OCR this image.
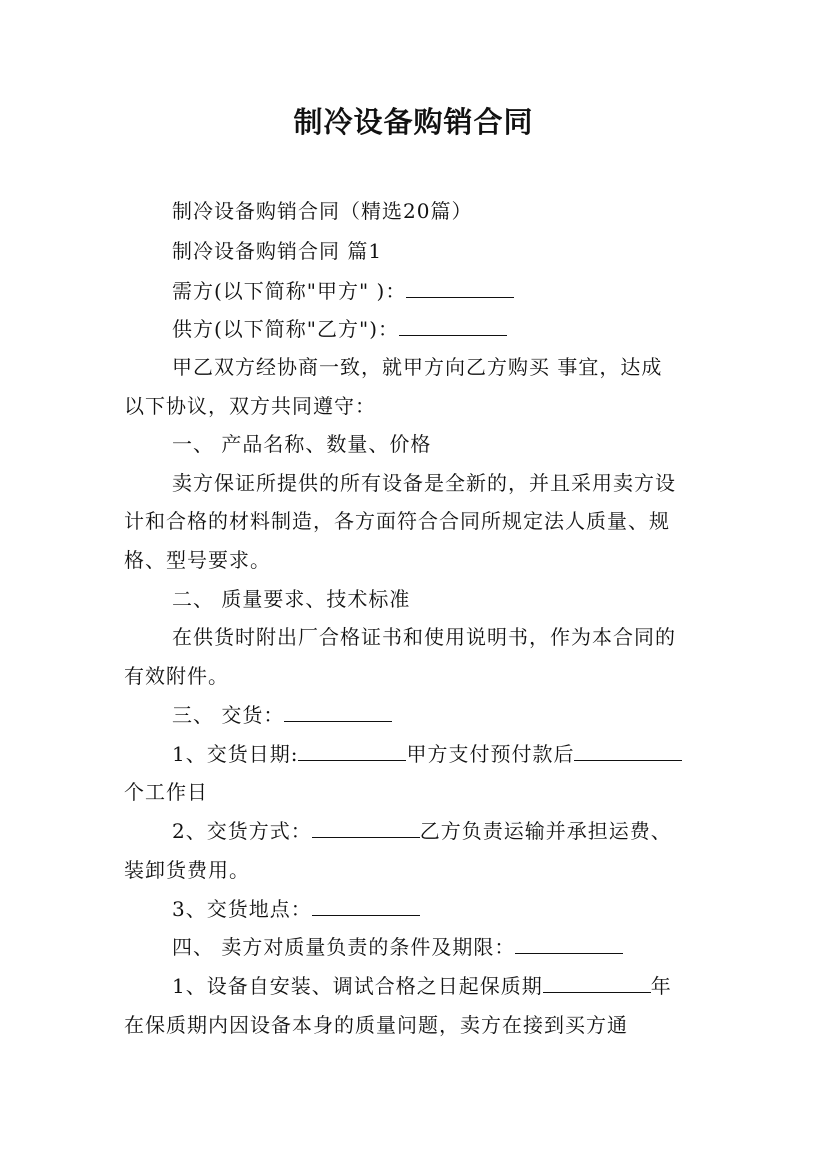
制冷设备购销合同
制冷设备购销合同（精选20篇）
制冷设备购销合同 篇1
需方(以下简称"甲方" )：
供方(以下简称"乙方")：
甲乙双方经协商一致，就甲方向乙方购买 事宜，达成
以下协议，双方共同遵守：
一、 产品名称、数量、价格
卖方保证所提供的所有设备是全新的，并且采用卖方设
计和合格的材料制造，各方面符合合同所规定法人质量、规
格、型号要求。
二、 质量要求、技术标准
在供货时附出厂合格证书和使用说明书，作为本合同的
有效附件。
三、 交货：
1、交货日期:	甲方支付预付款后
个工作日
2、交货方式：	乙方负责运输并承担运费、
装卸货费用。
3、交货地点：
四、 卖方对质量负责的条件及期限：
1、设备自安装、调试合格之日起保质期	年
在保质期内因设备本身的质量问题，卖方在接到买方通
